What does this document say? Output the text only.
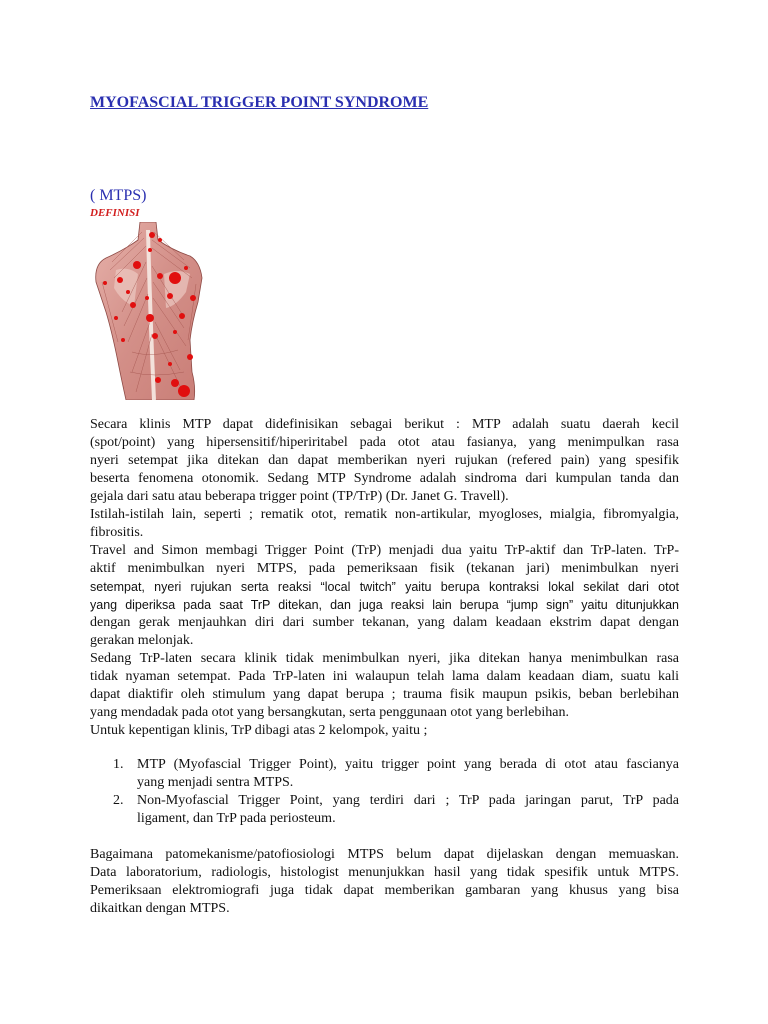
MYOFASCIAL TRIGGER POINT SYNDROME
( MTPS)
DEFINISI
Secara klinis MTP dapat didefinisikan sebagai berikut : MTP adalah suatu daerah kecil
(spot/point) yang hipersensitif/hiperiritabel pada otot atau fasianya, yang menimpulkan rasa
nyeri setempat jika ditekan dan dapat memberikan nyeri rujukan (refered pain) yang spesifik
beserta fenomena otonomik. Sedang MTP Syndrome adalah sindroma dari kumpulan tanda dan
gejala dari satu atau beberapa trigger point (TP/TrP) (Dr. Janet G. Travell).
Istilah-istilah lain, seperti ; rematik otot, rematik non-artikular, myogloses, mialgia, fibromyalgia,
fibrositis.
Travel and Simon membagi Trigger Point (TrP) menjadi dua yaitu TrP-aktif dan TrP-laten. TrP-
aktif menimbulkan nyeri MTPS, pada pemeriksaan fisik (tekanan jari) menimbulkan nyeri
setempat, nyeri rujukan serta reaksi “local twitch” yaitu berupa kontraksi lokal sekilat dari otot
yang diperiksa pada saat TrP ditekan, dan juga reaksi lain berupa “jump sign” yaitu ditunjukkan
dengan gerak menjauhkan diri dari sumber tekanan, yang dalam keadaan ekstrim dapat dengan
gerakan melonjak.
Sedang TrP-laten secara klinik tidak menimbulkan nyeri, jika ditekan hanya menimbulkan rasa
tidak nyaman setempat. Pada TrP-laten ini walaupun telah lama dalam keadaan diam, suatu kali
dapat diaktifir oleh stimulum yang dapat berupa ; trauma fisik maupun psikis, beban berlebihan
yang mendadak pada otot yang bersangkutan, serta penggunaan otot yang berlebihan.
Untuk kepentigan klinis, TrP dibagi atas 2 kelompok, yaitu ;
1. MTP (Myofascial Trigger Point), yaitu trigger point yang berada di otot atau fascianya
yang menjadi sentra MTPS.
2. Non-Myofascial Trigger Point, yang terdiri dari ; TrP pada jaringan parut, TrP pada
ligament, dan TrP pada periosteum.
Bagaimana patomekanisme/patofiosiologi MTPS belum dapat dijelaskan dengan memuaskan.
Data laboratorium, radiologis, histologist menunjukkan hasil yang tidak spesifik untuk MTPS.
Pemeriksaan elektromiografi juga tidak dapat memberikan gambaran yang khusus yang bisa
dikaitkan dengan MTPS.
